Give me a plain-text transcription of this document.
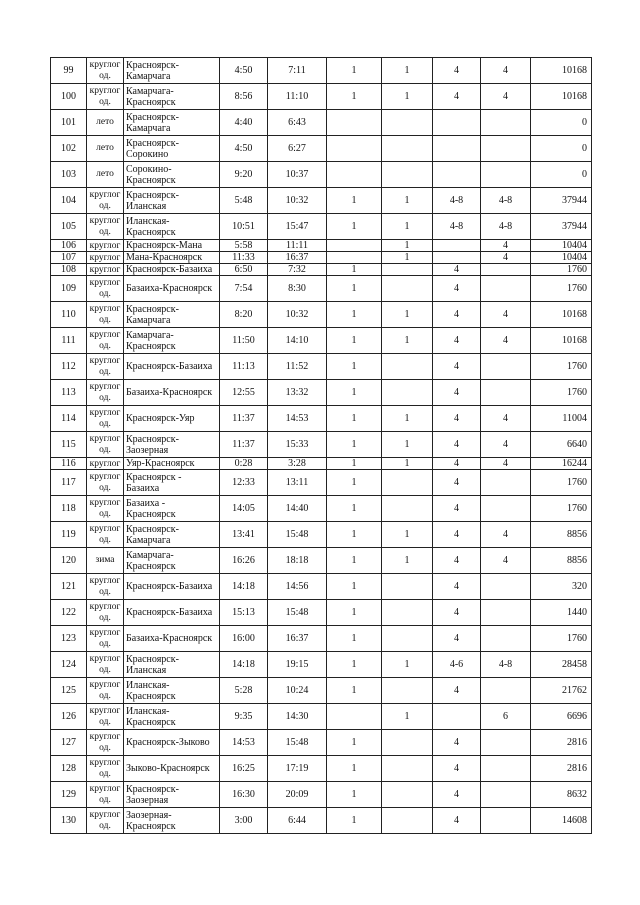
99	круглог
од.	Красноярск-
Камарчага	4:50	7:11	1	1	4	4	10168
100	круглог
од.	Камарчага-
Красноярск	8:56	11:10	1	1	4	4	10168
101	лето	Красноярск-
Камарчага	4:40	6:43					0
102	лето	Красноярск-
Сорокино	4:50	6:27					0
103	лето	Сорокино-
Красноярск	9:20	10:37					0
104	круглог
од.	Красноярск-
Иланская	5:48	10:32	1	1	4-8	4-8	37944
105	круглог
од.	Иланская-
Красноярск	10:51	15:47	1	1	4-8	4-8	37944
106	круглог	Красноярск-Мана	5:58	11:11		1		4	10404
107	круглог	Мана-Красноярск	11:33	16:37		1		4	10404
108	круглог	Красноярск-Базаиха	6:50	7:32	1		4		1760
109	круглог
од.	Базаиха-Красноярск	7:54	8:30	1		4		1760
110	круглог
од.	Красноярск-
Камарчага	8:20	10:32	1	1	4	4	10168
111	круглог
од.	Камарчага-
Красноярск	11:50	14:10	1	1	4	4	10168
112	круглог
од.	Красноярск-Базаиха	11:13	11:52	1		4		1760
113	круглог
од.	Базаиха-Красноярск	12:55	13:32	1		4		1760
114	круглог
од.	Красноярск-Уяр	11:37	14:53	1	1	4	4	11004
115	круглог
од.	Красноярск-
Заозерная	11:37	15:33	1	1	4	4	6640
116	круглог	Уяр-Красноярск	0:28	3:28	1	1	4	4	16244
117	круглог
од.	Красноярск -
Базаиха	12:33	13:11	1		4		1760
118	круглог
од.	Базаиха -
Красноярск	14:05	14:40	1		4		1760
119	круглог
од.	Красноярск-
Камарчага	13:41	15:48	1	1	4	4	8856
120	зима	Камарчага-
Красноярск	16:26	18:18	1	1	4	4	8856
121	круглог
од.	Красноярск-Базаиха	14:18	14:56	1		4		320
122	круглог
од.	Красноярск-Базаиха	15:13	15:48	1		4		1440
123	круглог
од.	Базаиха-Красноярск	16:00	16:37	1		4		1760
124	круглог
од.	Красноярск-
Иланская	14:18	19:15	1	1	4-6	4-8	28458
125	круглог
од.	Иланская-
Красноярск	5:28	10:24	1		4		21762
126	круглог
од.	Иланская-
Красноярск	9:35	14:30		1		6	6696
127	круглог
од.	Красноярск-Зыково	14:53	15:48	1		4		2816
128	круглог
од.	Зыково-Красноярск	16:25	17:19	1		4		2816
129	круглог
од.	Красноярск-
Заозерная	16:30	20:09	1		4		8632
130	круглог
од.	Заозерная-
Красноярск	3:00	6:44	1		4		14608
